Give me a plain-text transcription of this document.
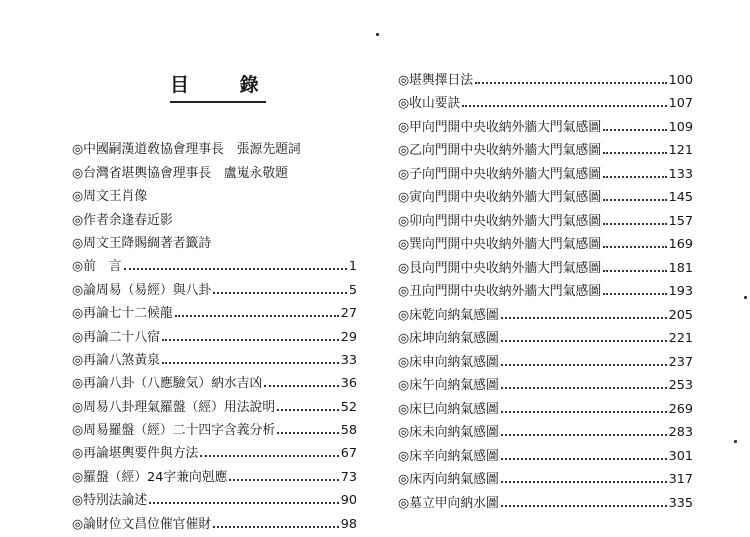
目 錄
◎中國嗣漢道敎協會理事長　張源先題詞
◎台灣省堪輿協會理事長　盧嵬永敬題
◎周文王肖像
◎作者余逢春近影
◎周文王降賜綢著者籤詩
◎前　言	1
◎論周易（易經）與八卦	5
◎再論七十二候龍	27
◎再論二十八宿	29
◎再論八煞黃泉	33
◎再論八卦（八應驗気）納水吉凶	36
◎周易八卦理氣羅盤（經）用法說明	52
◎周易羅盤（經）二十四字含義分析	58
◎再論堪輿要件與方法	67
◎羅盤（經）24字兼向剋應	73
◎特別法論述	90
◎論財位文昌位催官催財	98
◎堪輿擇日法	100
◎收山要訣	107
◎甲向門開中央收納外牆大門氣感圖	109
◎乙向門開中央收納外牆大門氣感圖	121
◎子向門開中央收納外牆大門氣感圖	133
◎寅向門開中央收納外牆大門氣感圖	145
◎卯向門開中央收納外牆大門氣感圖	157
◎巽向門開中央收納外牆大門氣感圖	169
◎艮向門開中央收納外牆大門氣感圖	181
◎丑向門開中央收納外牆大門氣感圖	193
◎床乾向納氣感圖	205
◎床坤向納氣感圖	221
◎床申向納氣感圖	237
◎床午向納氣感圖	253
◎床巳向納氣感圖	269
◎床未向納氣感圖	283
◎床辛向納氣感圖	301
◎床丙向納氣感圖	317
◎墓立甲向納水圖	335
